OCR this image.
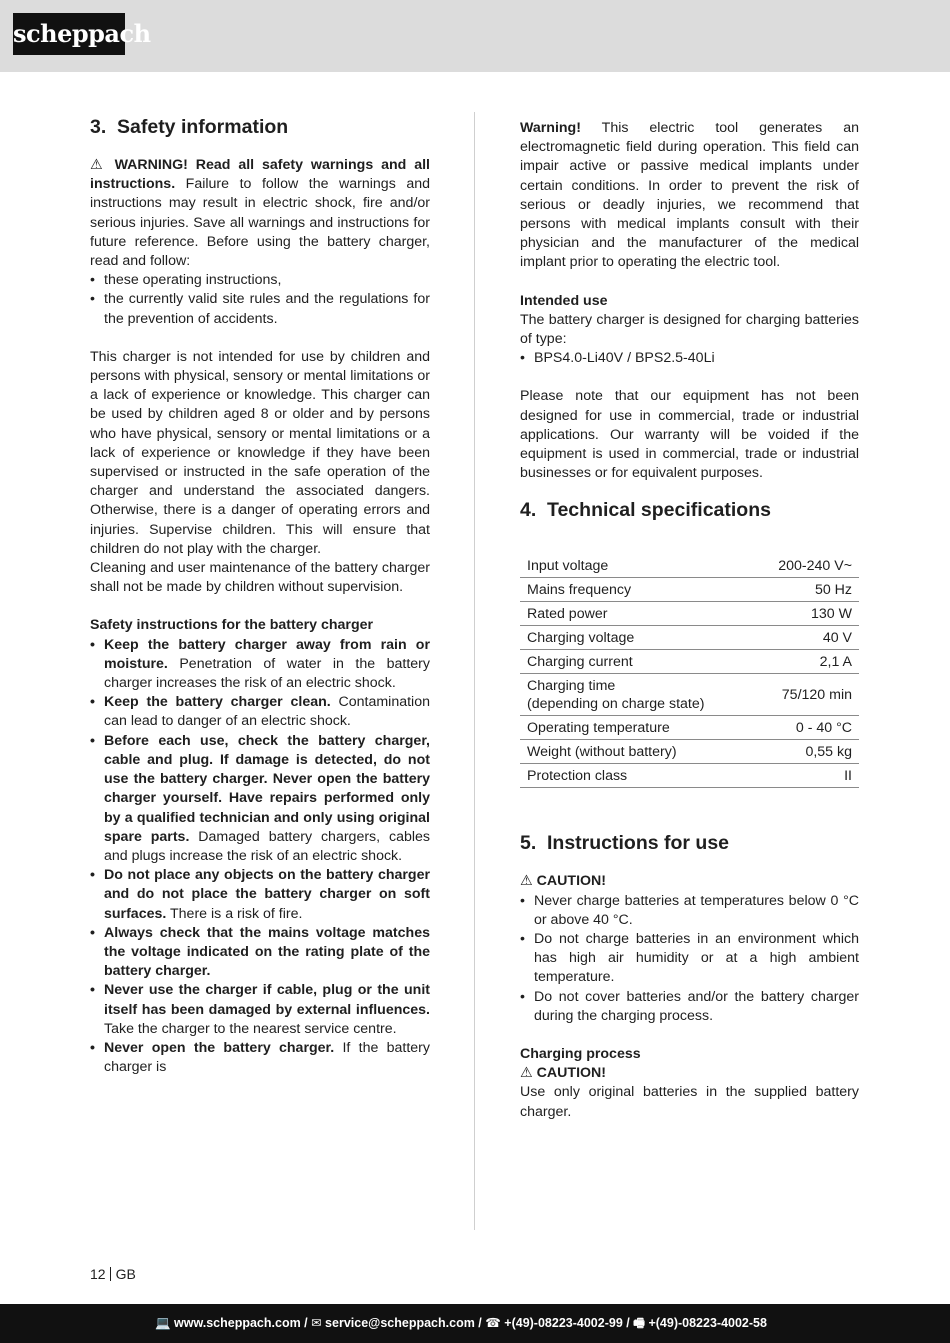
scheppach
3. Safety information

⚠ WARNING! Read all safety warnings and all instructions. Failure to follow the warnings and instructions may result in electric shock, fire and/or serious injuries. Save all warnings and instructions for future reference. Before using the battery charger, read and follow:

• these operating instructions,
• the currently valid site rules and the regulations for the prevention of accidents.

This charger is not intended for use by children and persons with physical, sensory or mental limitations or a lack of experience or knowledge. This charger can be used by children aged 8 or older and by persons who have physical, sensory or mental limitations or a lack of experience or knowledge if they have been supervised or instructed in the safe operation of the charger and understand the associated dangers. Otherwise, there is a danger of operating errors and injuries. Supervise children. This will ensure that children do not play with the charger.

Cleaning and user maintenance of the battery charger shall not be made by children without supervision.

Safety instructions for the battery charger

• Keep the battery charger away from rain or moisture. Penetration of water in the battery charger increases the risk of an electric shock.
• Keep the battery charger clean. Contamination can lead to danger of an electric shock.
• Before each use, check the battery charger, cable and plug. If damage is detected, do not use the battery charger. Never open the battery charger yourself. Have repairs performed only by a qualified technician and only using original spare parts. Damaged battery chargers, cables and plugs increase the risk of an electric shock.
• Do not place any objects on the battery charger and do not place the battery charger on soft surfaces. There is a risk of fire.
• Always check that the mains voltage matches the voltage indicated on the rating plate of the battery charger.
• Never use the charger if cable, plug or the unit itself has been damaged by external influences. Take the charger to the nearest service centre.
• Never open the battery charger. If the battery charger is

Warning! This electric tool generates an electromagnetic field during operation. This field can impair active or passive medical implants under certain conditions. In order to prevent the risk of serious or deadly injuries, we recommend that persons with medical implants consult with their physician and the manufacturer of the medical implant prior to operating the electric tool.

Intended use

The battery charger is designed for charging batteries of type:

• BPS4.0-Li40V / BPS2.5-40Li

Please note that our equipment has not been designed for use in commercial, trade or industrial applications. Our warranty will be voided if the equipment is used in commercial, trade or industrial businesses or for equivalent purposes.

4. Technical specifications
Input voltage	200-240 V~
Mains frequency	50 Hz
Rated power	130 W
Charging voltage	40 V
Charging current	2,1 A

Charging time
(depending on charge state)	75/120 min
Operating temperature	0 - 40 °C
Weight (without battery)	0,55 kg
Protection class	II
5. Instructions for use

⚠ CAUTION!

• Never charge batteries at temperatures below 0 °C or above 40 °C.
• Do not charge batteries in an environment which has high air humidity or at a high ambient temperature.
• Do not cover batteries and/or the battery charger during the charging process.

Charging process

⚠ CAUTION!

Use only original batteries in the supplied battery charger.

12 GB
💻 www.scheppach.com / ✉ service@scheppach.com / ☎ +(49)-08223-4002-99 / 🖷 +(49)-08223-4002-58
